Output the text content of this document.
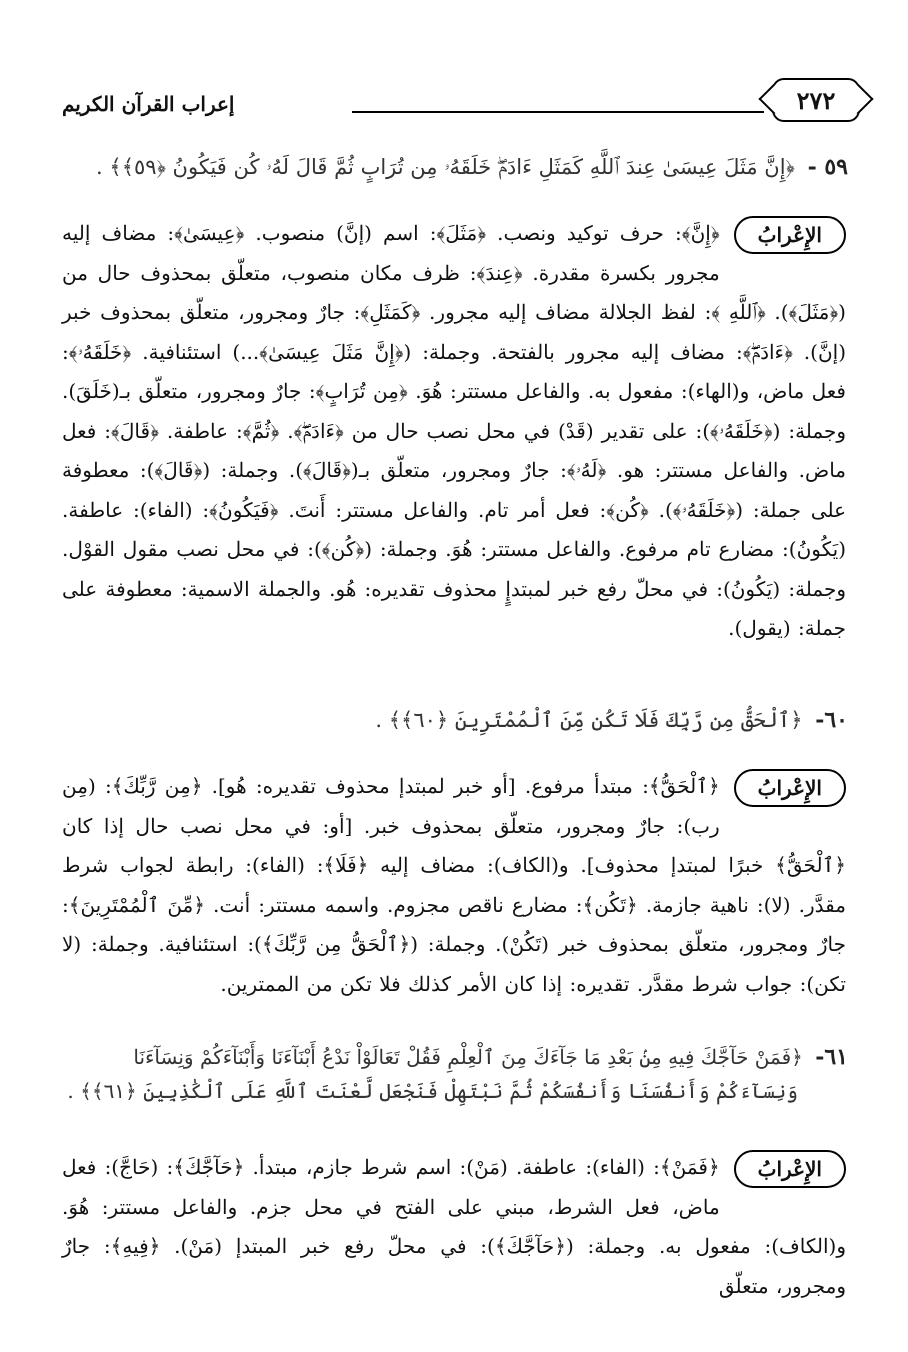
إعراب القرآن الكريم	٢٧٢
٥٩ - ﴿إِنَّ مَثَلَ عِيسَىٰ عِندَ ٱللَّهِ كَمَثَلِ ءَادَمَۖ خَلَقَهُۥ مِن تُرَابٍ ثُمَّ قَالَ لَهُۥ كُن فَيَكُونُ ﴿٥٩﴾﴾ .
الإِعْرابُ

﴿إِنَّ﴾: حرف توكيد ونصب. ﴿مَثَلَ﴾: اسم (إنَّ) منصوب. ﴿عِيسَىٰ﴾: مضاف إليه مجرور بكسرة مقدرة. ﴿عِندَ﴾: ظرف مكان منصوب، متعلّق بمحذوف حال من (﴿مَثَلَ﴾). ﴿ٱللَّهِ ﴾: لفظ الجلالة مضاف إليه مجرور. ﴿كَمَثَلِ﴾: جارٌ ومجرور، متعلّق بمحذوف خبر (إنَّ). ﴿ءَادَمَۖ﴾: مضاف إليه مجرور بالفتحة. وجملة: (﴿إِنَّ مَثَلَ عِيسَىٰ﴾...) استئنافية. ﴿خَلَقَهُۥ﴾: فعل ماض، و(الهاء): مفعول به. والفاعل مستتر: هُوَ. ﴿مِن تُرَابٍ﴾: جارٌ ومجرور، متعلّق بـ(خَلَقَ). وجملة: (﴿خَلَقَهُۥ﴾): على تقدير (قَدْ) في محل نصب حال من ﴿ءَادَمَۖ﴾. ﴿ثُمَّ﴾: عاطفة. ﴿قَالَ﴾: فعل ماض. والفاعل مستتر: هو. ﴿لَهُۥ﴾: جارٌ ومجرور، متعلّق بـ(﴿قَالَ﴾). وجملة: (﴿قَالَ﴾): معطوفة على جملة: (﴿خَلَقَهُۥ﴾). ﴿كُن﴾: فعل أمر تام. والفاعل مستتر: أَنتَ. ﴿فَيَكُونُ﴾: (الفاء): عاطفة. (يَكُونُ): مضارع تام مرفوع. والفاعل مستتر: هُوَ. وجملة: (﴿كُن﴾): في محل نصب مقول القوْل. وجملة: (يَكُونُ): في محلّ رفع خبر لمبتدإٍ محذوف تقديره: هُو. والجملة الاسمية: معطوفة على جملة: (يقول).

٦٠- ﴿ٱلْحَقُّ مِن رَّبِّكَ فَلَا تَكُن مِّنَ ٱلْمُمْتَرِينَ ﴿٦٠﴾﴾ .
الإِعْرابُ

﴿ٱلْحَقُّ﴾: مبتدأ مرفوع. [أو خبر لمبتدإ محذوف تقديره: هُو]. ﴿مِن رَّبِّكَ﴾: (مِن رب): جارٌ ومجرور، متعلّق بمحذوف خبر. [أو: في محل نصب حال إذا كان ﴿ٱلْحَقُّ﴾ خبرًا لمبتدإ محذوف]. و(الكاف): مضاف إليه ﴿فَلَا﴾: (الفاء): رابطة لجواب شرط مقدَّر. (لا): ناهية جازمة. ﴿تَكُن﴾: مضارع ناقص مجزوم. واسمه مستتر: أنت. ﴿مِّنَ ٱلْمُمْتَرِينَ﴾: جارٌ ومجرور، متعلّق بمحذوف خبر (تَكُنْ). وجملة: (﴿ٱلْحَقُّ مِن رَّبِّكَ﴾): استئنافية. وجملة: (لا تكن): جواب شرط مقدَّر. تقديره: إذا كان الأمر كذلك فلا تكن من الممترين.

٦١- ﴿فَمَنْ حَآجَّكَ فِيهِ مِنۢ بَعْدِ مَا جَآءَكَ مِنَ ٱلْعِلْمِ فَقُلْ تَعَالَوْاْ نَدْعُ أَبْنَآءَنَا وَأَبْنَآءَكُمْ وَنِسَآءَنَا
وَنِسَآءَكُمْ وَأَنفُسَنَا وَأَنفُسَكُمْ ثُمَّ نَبْتَهِلْ فَنَجْعَل لَّعْنَتَ ٱللَّهِ عَلَى ٱلْكَٰذِبِينَ ﴿٦١﴾﴾ .
الإِعْرابُ

﴿فَمَنْ﴾: (الفاء): عاطفة. (مَنْ): اسم شرط جازم، مبتدأ. ﴿حَآجَّكَ﴾: (حَاجَّ): فعل ماض، فعل الشرط، مبني على الفتح في محل جزم. والفاعل مستتر: هُوَ. و(الكاف): مفعول به. وجملة: (﴿حَآجَّكَ﴾): في محلّ رفع خبر المبتدإ (مَنْ). ﴿فِيهِ﴾: جارٌ ومجرور، متعلّق
